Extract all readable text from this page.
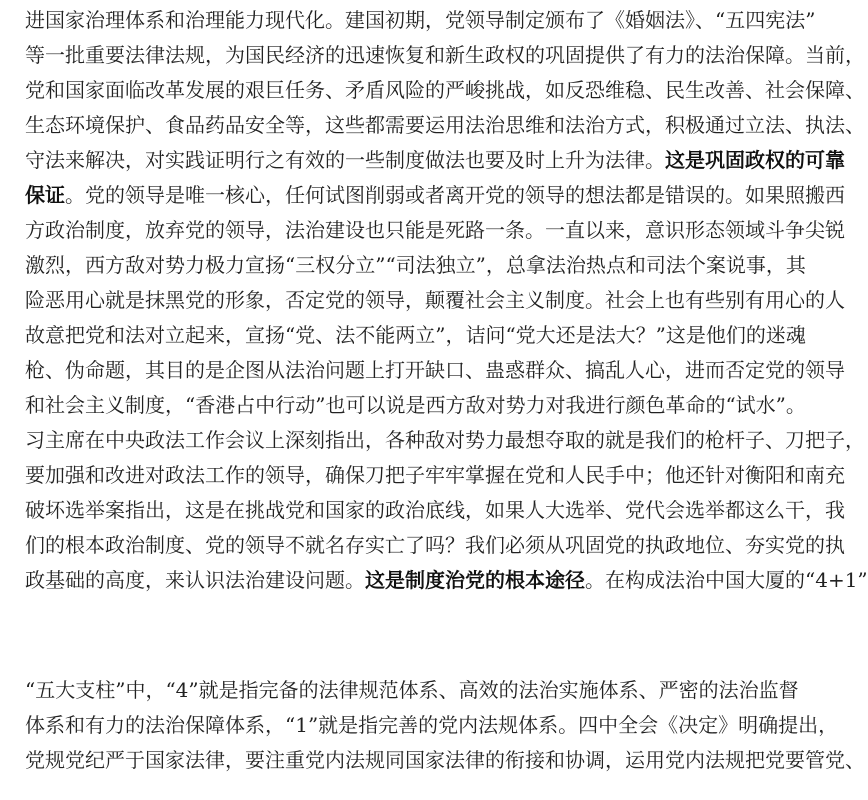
进国家治理体系和治理能力现代化。建国初期，党领导制定颁布了《婚姻法》、“五四宪法”
等一批重要法律法规，为国民经济的迅速恢复和新生政权的巩固提供了有力的法治保障。当前，
党和国家面临改革发展的艰巨任务、矛盾风险的严峻挑战，如反恐维稳、民生改善、社会保障、
生态环境保护、食品药品安全等，这些都需要运用法治思维和法治方式，积极通过立法、执法、
守法来解决，对实践证明行之有效的一些制度做法也要及时上升为法律。这是巩固政权的可靠
保证。党的领导是唯一核心，任何试图削弱或者离开党的领导的想法都是错误的。如果照搬西
方政治制度，放弃党的领导，法治建设也只能是死路一条。一直以来，意识形态领域斗争尖锐
激烈，西方敌对势力极力宣扬“三权分立”“司法独立”，总拿法治热点和司法个案说事，其
险恶用心就是抹黑党的形象，否定党的领导，颠覆社会主义制度。社会上也有些别有用心的人
故意把党和法对立起来，宣扬“党、法不能两立”，诘问“党大还是法大？”这是他们的迷魂
枪、伪命题，其目的是企图从法治问题上打开缺口、蛊惑群众、搞乱人心，进而否定党的领导
和社会主义制度，“香港占中行动”也可以说是西方敌对势力对我进行颜色革命的“试水”。
习主席在中央政法工作会议上深刻指出，各种敌对势力最想夺取的就是我们的枪杆子、刀把子，
要加强和改进对政法工作的领导，确保刀把子牢牢掌握在党和人民手中；他还针对衡阳和南充
破坏选举案指出，这是在挑战党和国家的政治底线，如果人大选举、党代会选举都这么干，我
们的根本政治制度、党的领导不就名存实亡了吗？我们必须从巩固党的执政地位、夯实党的执
政基础的高度，来认识法治建设问题。这是制度治党的根本途径。在构成法治中国大厦的“4+1”
“五大支柱”中，“4”就是指完备的法律规范体系、高效的法治实施体系、严密的法治监督
体系和有力的法治保障体系，“1”就是指完善的党内法规体系。四中全会《决定》明确提出，
党规党纪严于国家法律，要注重党内法规同国家法律的衔接和协调，运用党内法规把党要管党、
